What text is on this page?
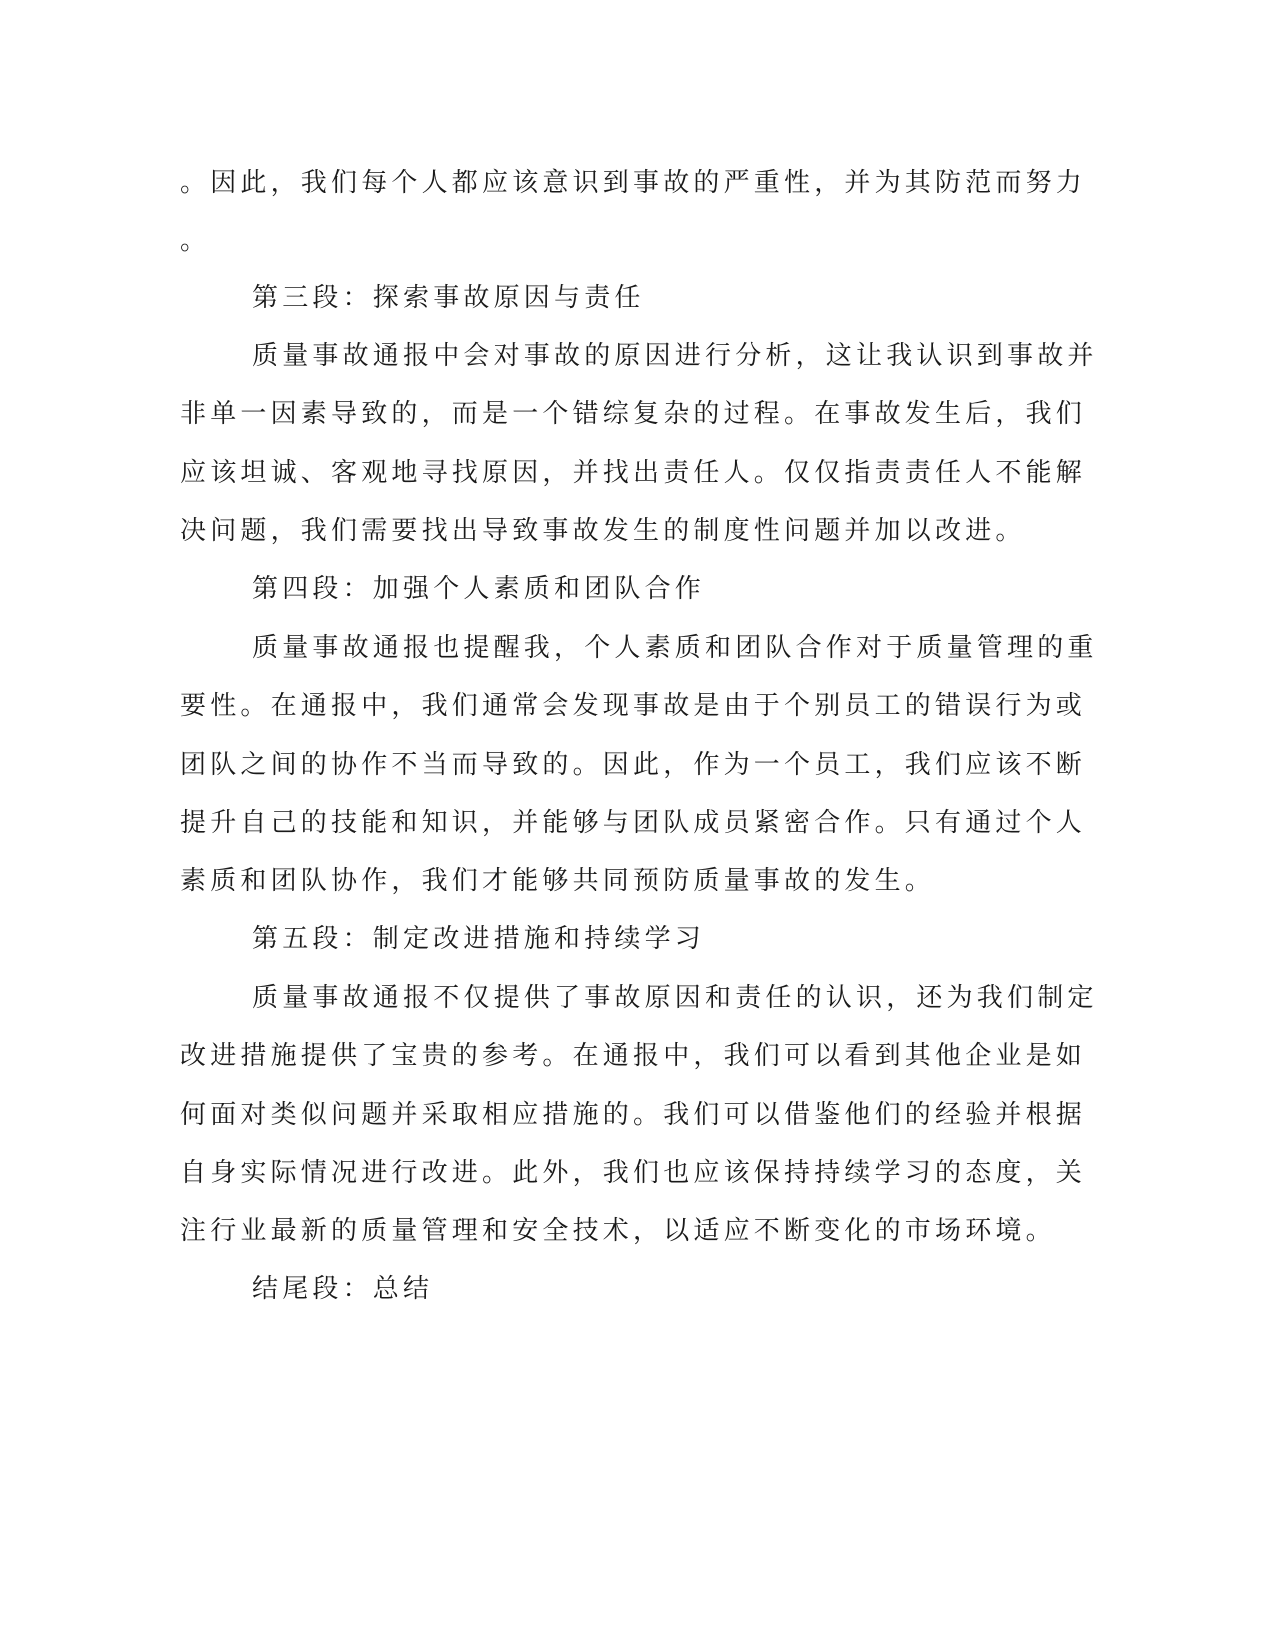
。因此，我们每个人都应该意识到事故的严重性，并为其防范而努力

。

第三段：探索事故原因与责任

质量事故通报中会对事故的原因进行分析，这让我认识到事故并

非单一因素导致的，而是一个错综复杂的过程。在事故发生后，我们

应该坦诚、客观地寻找原因，并找出责任人。仅仅指责责任人不能解

决问题，我们需要找出导致事故发生的制度性问题并加以改进。

第四段：加强个人素质和团队合作

质量事故通报也提醒我，个人素质和团队合作对于质量管理的重

要性。在通报中，我们通常会发现事故是由于个别员工的错误行为或

团队之间的协作不当而导致的。因此，作为一个员工，我们应该不断

提升自己的技能和知识，并能够与团队成员紧密合作。只有通过个人

素质和团队协作，我们才能够共同预防质量事故的发生。

第五段：制定改进措施和持续学习

质量事故通报不仅提供了事故原因和责任的认识，还为我们制定

改进措施提供了宝贵的参考。在通报中，我们可以看到其他企业是如

何面对类似问题并采取相应措施的。我们可以借鉴他们的经验并根据

自身实际情况进行改进。此外，我们也应该保持持续学习的态度，关

注行业最新的质量管理和安全技术，以适应不断变化的市场环境。

结尾段：总结
